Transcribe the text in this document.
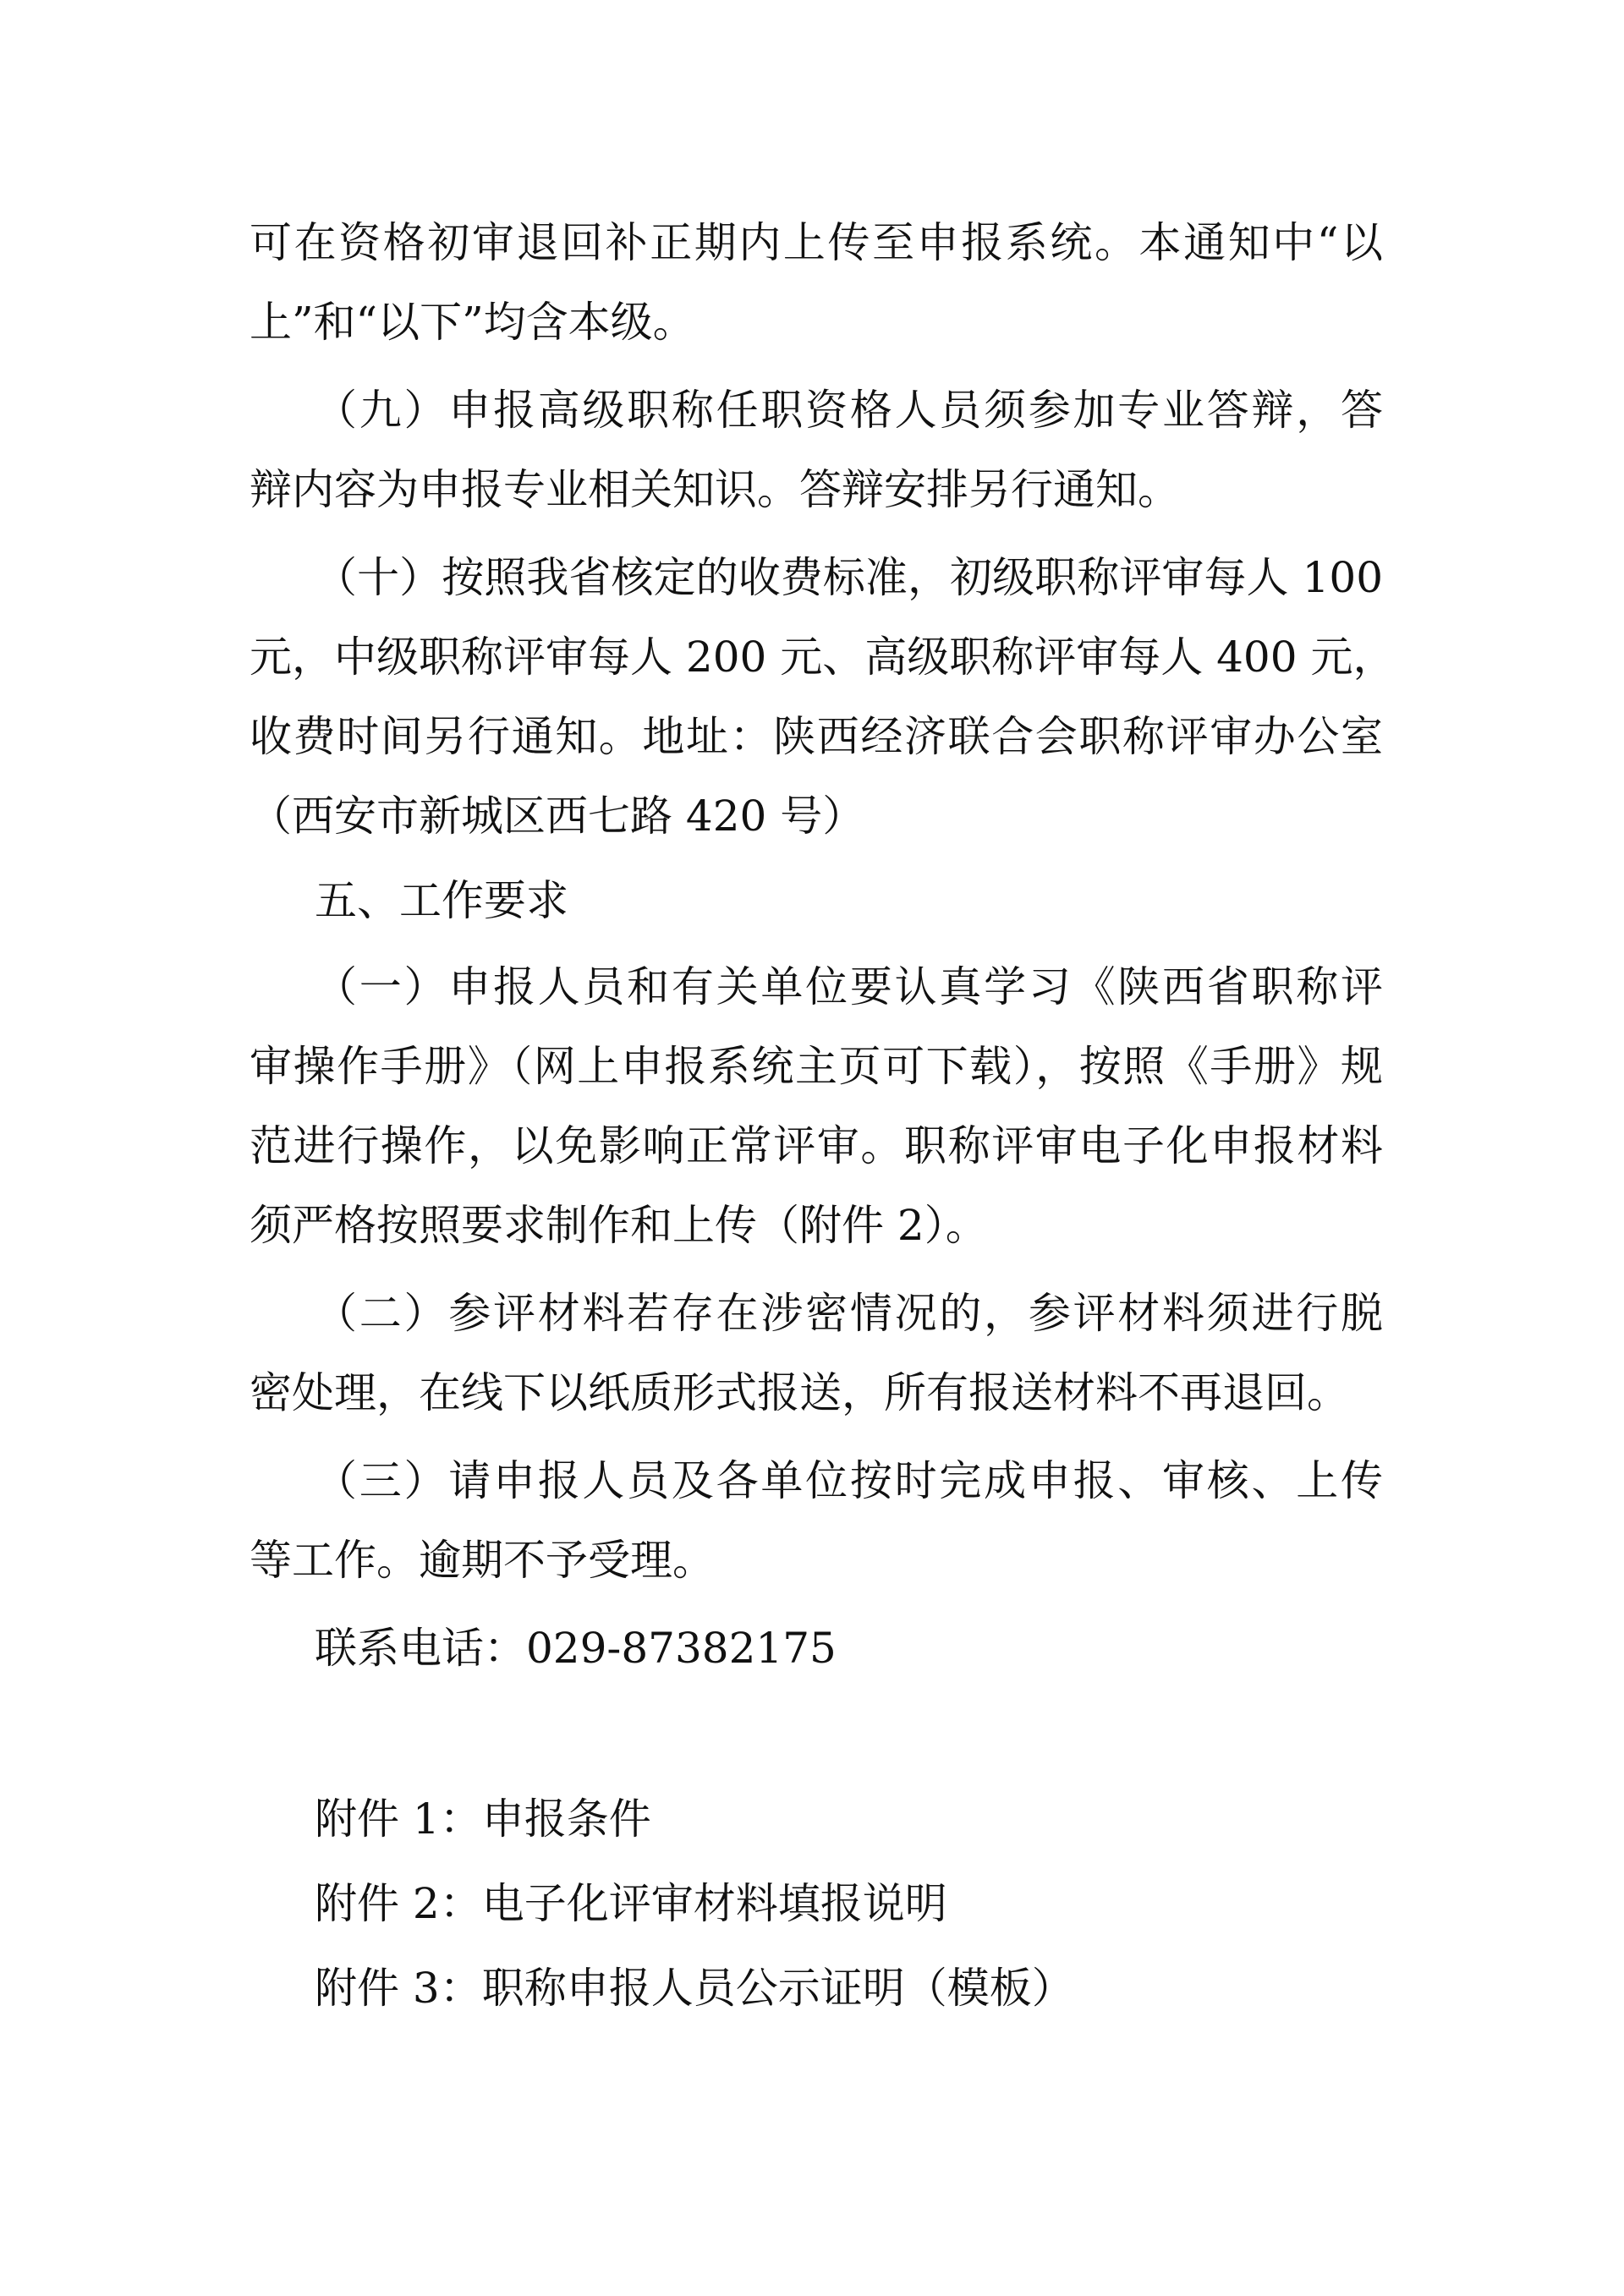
可在资格初审退回补正期内上传至申报系统。本通知中“以
上”和“以下”均含本级。
（九）申报高级职称任职资格人员须参加专业答辩，答
辩内容为申报专业相关知识。答辩安排另行通知。
（十）按照我省核定的收费标准，初级职称评审每人 100
元，中级职称评审每人 200 元、高级职称评审每人 400 元，
收费时间另行通知。地址：陕西经济联合会职称评审办公室
（西安市新城区西七路 420 号）
五、工作要求
（一）申报人员和有关单位要认真学习《陕西省职称评
审操作手册》（网上申报系统主页可下载），按照《手册》规
范进行操作，以免影响正常评审。职称评审电子化申报材料
须严格按照要求制作和上传（附件 2）。
（二）参评材料若存在涉密情况的，参评材料须进行脱
密处理，在线下以纸质形式报送，所有报送材料不再退回。
（三）请申报人员及各单位按时完成申报、审核、上传
等工作。逾期不予受理。
联系电话：029-87382175
附件 1：申报条件
附件 2：电子化评审材料填报说明
附件 3：职称申报人员公示证明（模板）
